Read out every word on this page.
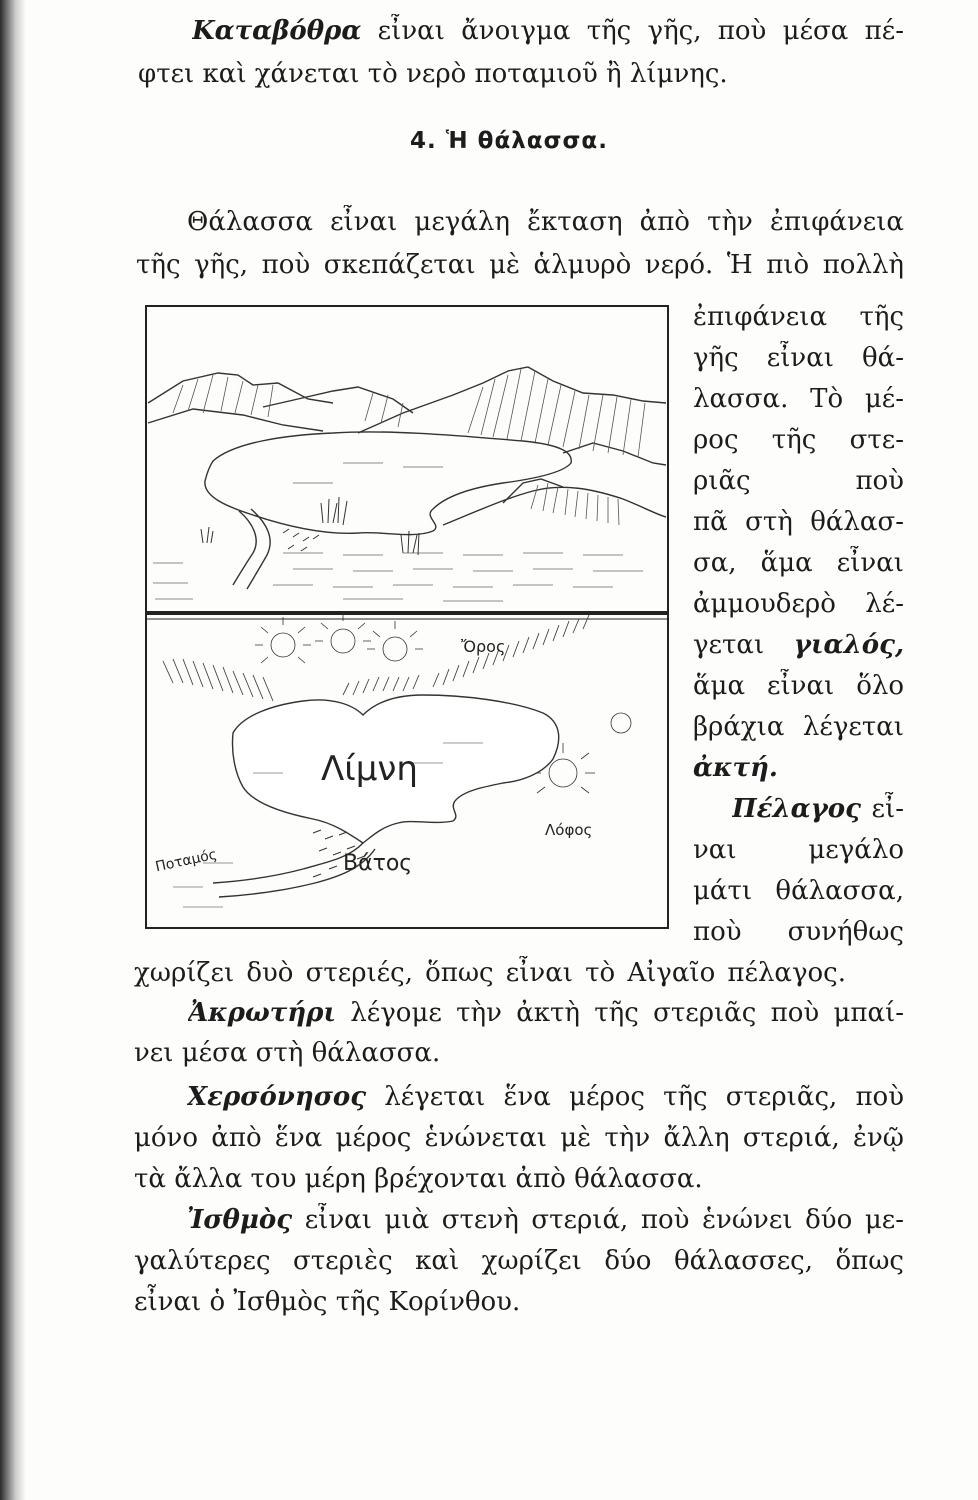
Καταβόθρα εἶναι ἄνοιγμα τῆς γῆς, ποὺ μέσα πέ-
φτει καὶ χάνεται τὸ νερὸ ποταμιοῦ ἢ λίμνης.
4. Ἡ θάλασσα.
Θάλασσα εἶναι μεγάλη ἔκταση ἀπὸ τὴν ἐπιφάνεια
τῆς γῆς, ποὺ σκεπάζεται μὲ ἁλμυρὸ νερό. Ἡ πιὸ πολλὴ
ἐπιφάνεια τῆς
γῆς εἶναι θά-
λασσα. Τὸ μέ-
ρος τῆς στε-
ριᾶς ποὺ
πᾶ στὴ θάλασ-
σα, ἅμα εἶναι
ἀμμουδερὸ λέ-
γεται γιαλός,
ἅμα εἶναι ὅλο
βράχια λέγεται
ἀκτή.
Πέλαγος εἶ-
ναι μεγάλο
μάτι θάλασσα,
ποὺ συνήθως
χωρίζει δυὸ στεριές, ὅπως εἶναι τὸ Αἰγαῖο πέλαγος.
Ἀκρωτήρι λέγομε τὴν ἀκτὴ τῆς στεριᾶς ποὺ μπαί-
νει μέσα στὴ θάλασσα.
Χερσόνησος λέγεται ἕνα μέρος τῆς στεριᾶς, ποὺ
μόνο ἀπὸ ἕνα μέρος ἑνώνεται μὲ τὴν ἄλλη στεριά, ἐνῷ
τὰ ἄλλα του μέρη βρέχονται ἀπὸ θάλασσα.
Ἰσθμὸς εἶναι μιὰ στενὴ στεριά, ποὺ ἑνώνει δύο με-
γαλύτερες στεριὲς καὶ χωρίζει δύο θάλασσες, ὅπως
εἶναι ὁ Ἰσθμὸς τῆς Κορίνθου.
Λίμνη
Ὄρος
Λόφος
Ποταμός	Βάτος
